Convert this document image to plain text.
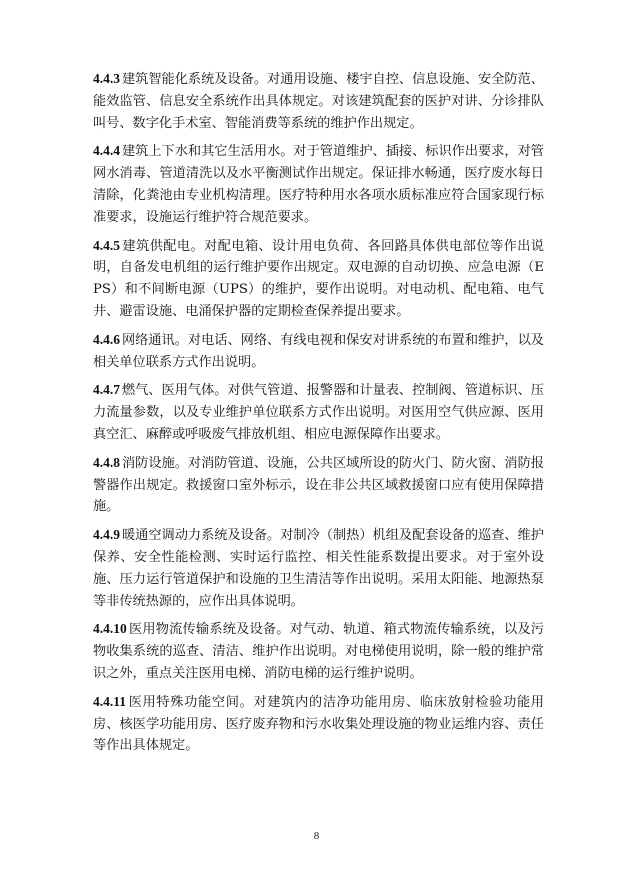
4.4.3 建筑智能化系统及设备。对通用设施、楼宇自控、信息设施、安全防范、能效监管、信息安全系统作出具体规定。对该建筑配套的医护对讲、分诊排队叫号、数字化手术室、智能消费等系统的维护作出规定。

4.4.4 建筑上下水和其它生活用水。对于管道维护、插接、标识作出要求，对管网水消毒、管道清洗以及水平衡测试作出规定。保证排水畅通，医疗废水每日清除，化粪池由专业机构清理。医疗特种用水各项水质标准应符合国家现行标准要求，设施运行维护符合规范要求。

4.4.5 建筑供配电。对配电箱、设计用电负荷、各回路具体供电部位等作出说明，自备发电机组的运行维护要作出规定。双电源的自动切换、应急电源（EPS）和不间断电源（UPS）的维护，要作出说明。对电动机、配电箱、电气井、避雷设施、电涌保护器的定期检查保养提出要求。

4.4.6 网络通讯。对电话、网络、有线电视和保安对讲系统的布置和维护，以及相关单位联系方式作出说明。

4.4.7 燃气、医用气体。对供气管道、报警器和计量表、控制阀、管道标识、压力流量参数，以及专业维护单位联系方式作出说明。对医用空气供应源、医用真空汇、麻醉或呼吸废气排放机组、相应电源保障作出要求。

4.4.8 消防设施。对消防管道、设施，公共区域所设的防火门、防火窗、消防报警器作出规定。救援窗口室外标示，设在非公共区域救援窗口应有使用保障措施。

4.4.9 暖通空调动力系统及设备。对制冷（制热）机组及配套设备的巡查、维护保养、安全性能检测、实时运行监控、相关性能系数提出要求。对于室外设施、压力运行管道保护和设施的卫生清洁等作出说明。采用太阳能、地源热泵等非传统热源的，应作出具体说明。

4.4.10 医用物流传输系统及设备。对气动、轨道、箱式物流传输系统，以及污物收集系统的巡查、清洁、维护作出说明。对电梯使用说明，除一般的维护常识之外，重点关注医用电梯、消防电梯的运行维护说明。

4.4.11 医用特殊功能空间。对建筑内的洁净功能用房、临床放射检验功能用房、核医学功能用房、医疗废弃物和污水收集处理设施的物业运维内容、责任等作出具体规定。

8
